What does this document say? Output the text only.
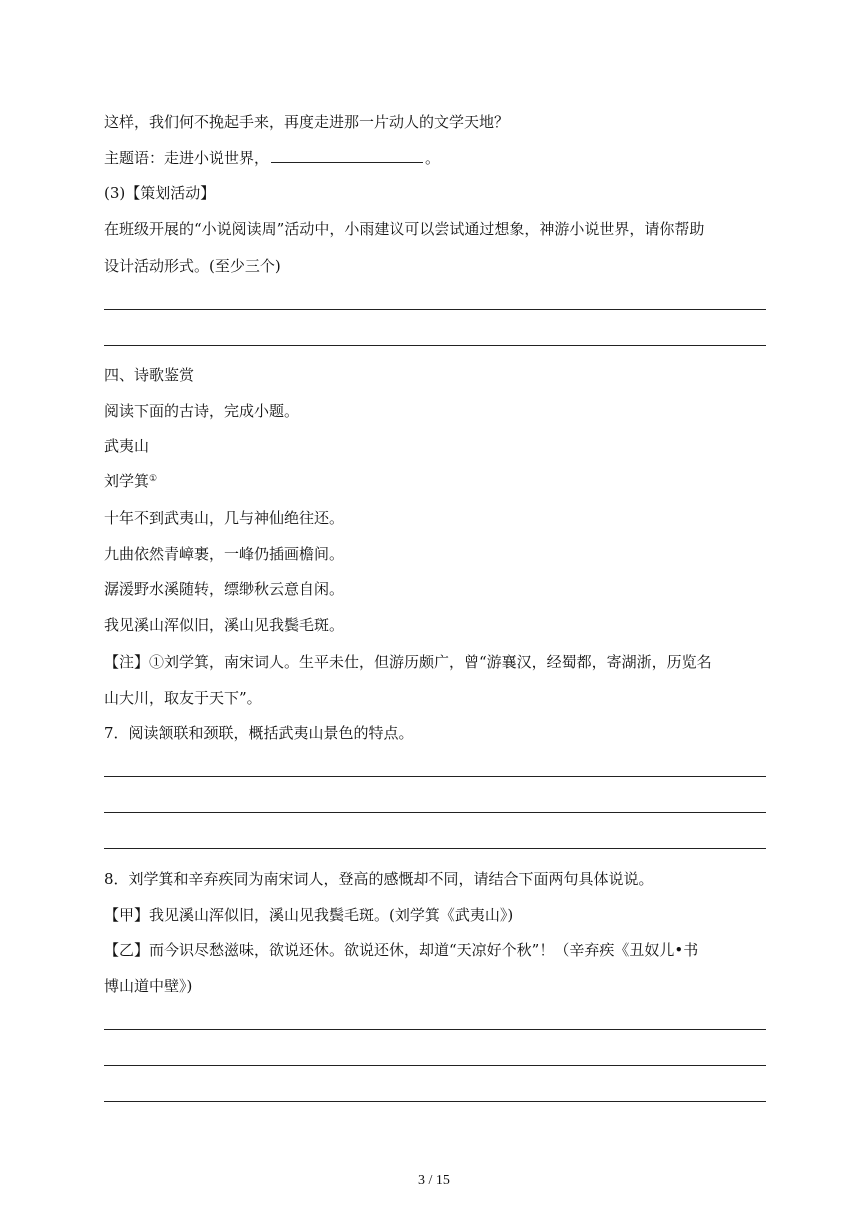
这样，我们何不挽起手来，再度走进那一片动人的文学天地？
主题语：走进小说世界，	。
(3)【策划活动】
在班级开展的“小说阅读周”活动中，小雨建议可以尝试通过想象，神游小说世界，请你帮助
设计活动形式。(至少三个)
四、诗歌鉴赏
阅读下面的古诗，完成小题。
武夷山
刘学箕①
十年不到武夷山，几与神仙绝往还。
九曲依然青嶂裹，一峰仍插画檐间。
潺湲野水溪随转，缥缈秋云意自闲。
我见溪山浑似旧，溪山见我鬓毛斑。
【注】①刘学箕，南宋词人。生平未仕，但游历颇广，曾“游襄汉，经蜀都，寄湖浙，历览名
山大川，取友于天下”。
7．阅读颔联和颈联，概括武夷山景色的特点。
8．刘学箕和辛弃疾同为南宋词人，登高的感慨却不同，请结合下面两句具体说说。
【甲】我见溪山浑似旧，溪山见我鬓毛斑。(刘学箕《武夷山》)
【乙】而今识尽愁滋味，欲说还休。欲说还休，却道“天凉好个秋”！（辛弃疾《丑奴儿•书
博山道中壁》)
3 / 15
